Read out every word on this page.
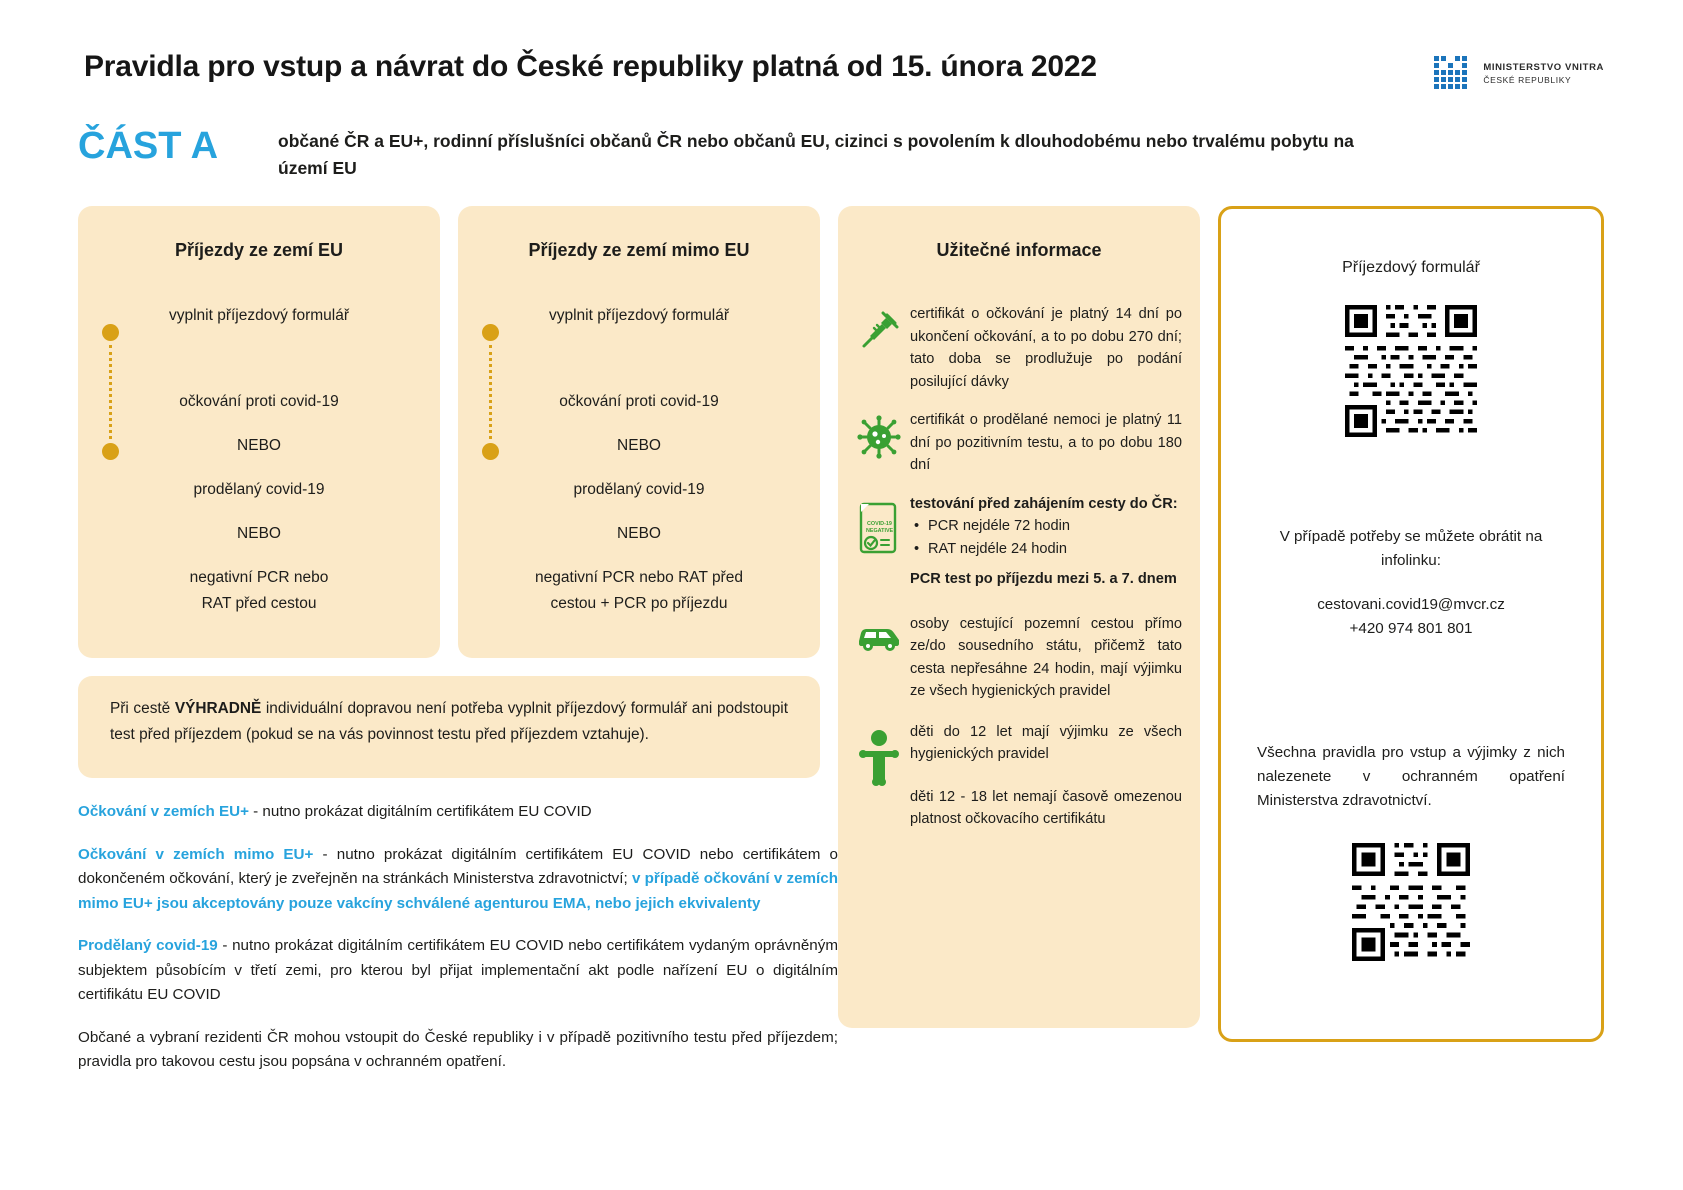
Pravidla pro vstup a návrat do České republiky platná od 15. února 2022	MINISTERSTVO VNITRA
ČESKÉ REPUBLIKY
ČÁST A	občané ČR a EU+, rodinní příslušníci občanů ČR nebo občanů EU, cizinci s povolením k dlouhodobému nebo trvalému pobytu na území EU
Příjezdy ze zemí EU
vyplnit příjezdový formulář
očkování proti covid-19
NEBO
prodělaný covid-19
NEBO
negativní PCR nebo
RAT před cestou
Příjezdy ze zemí mimo EU
vyplnit příjezdový formulář
očkování proti covid-19
NEBO
prodělaný covid-19
NEBO
negativní PCR nebo RAT před
cestou + PCR po příjezdu
Užitečné informace
certifikát o očkování je platný 14 dní po ukončení očkování, a to po dobu 270 dní; tato doba se prodlužuje po podání posilující dávky
certifikát o prodělané nemoci je platný 11 dní po pozitivním testu, a to po dobu 180 dní
COVID-19
NEGATIVE
testování před zahájením cesty do ČR:
• PCR nejdéle 72 hodin
• RAT nejdéle 24 hodin
PCR test po příjezdu mezi 5. a 7. dnem
osoby cestující pozemní cestou přímo ze/do sousedního státu, přičemž tato cesta nepřesáhne 24 hodin, mají výjimku ze všech hygienických pravidel
děti do 12 let mají výjimku ze všech hygienických pravidel
děti 12 - 18 let nemají časově omezenou platnost očkovacího certifikátu
Příjezdový formulář
V případě potřeby se můžete obrátit na infolinku:
cestovani.covid19@mvcr.cz
+420 974 801 801
Všechna pravidla pro vstup a výjimky z nich nalezenete v ochranném opatření Ministerstva zdravotnictví.
Při cestě VÝHRADNĚ individuální dopravou není potřeba vyplnit příjezdový formulář ani podstoupit test před příjezdem (pokud se na vás povinnost testu před příjezdem vztahuje).
Očkování v zemích EU+ - nutno prokázat digitálním certifikátem EU COVID
Očkování v zemích mimo EU+ - nutno prokázat digitálním certifikátem EU COVID nebo certifikátem o dokončeném očkování, který je zveřejněn na stránkách Ministerstva zdravotnictví; v případě očkování v zemích mimo EU+ jsou akceptovány pouze vakcíny schválené agenturou EMA, nebo jejich ekvivalenty
Prodělaný covid-19 - nutno prokázat digitálním certifikátem EU COVID nebo certifikátem vydaným oprávněným subjektem působícím v třetí zemi, pro kterou byl přijat implementační akt podle nařízení EU o digitálním certifikátu EU COVID
Občané a vybraní rezidenti ČR mohou vstoupit do České republiky i v případě pozitivního testu před příjezdem; pravidla pro takovou cestu jsou popsána v ochranném opatření.
